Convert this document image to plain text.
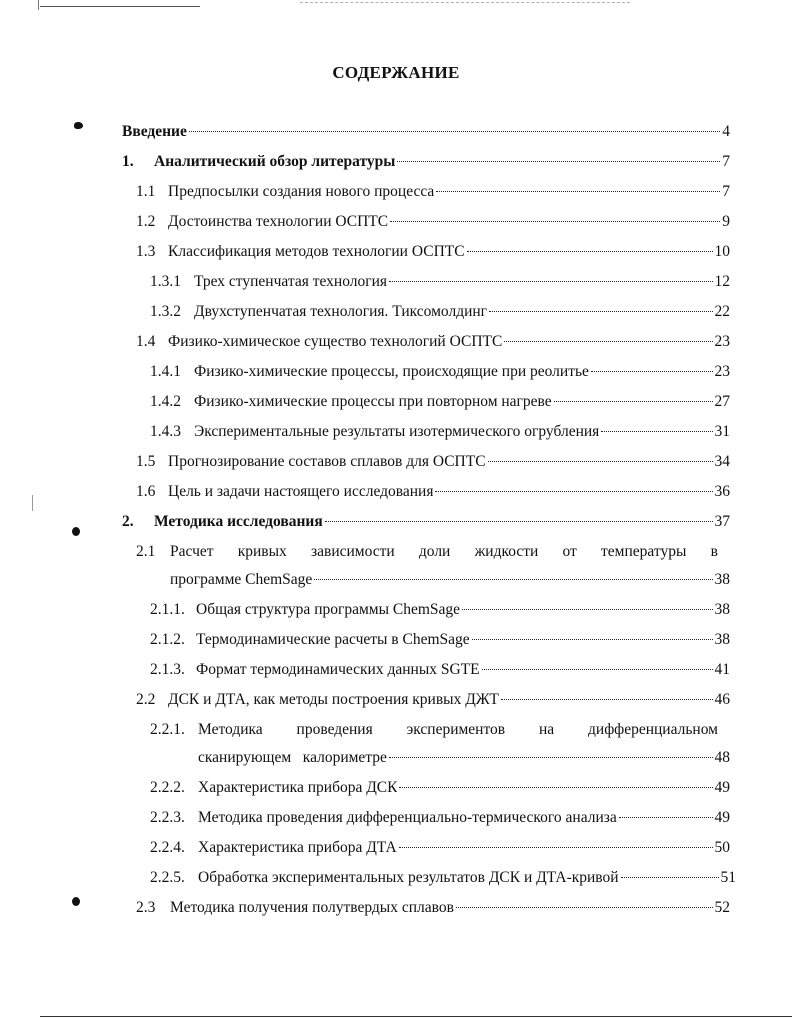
СОДЕРЖАНИЕ
Введение	4
1.	Аналитический обзор литературы	7
1.1 Предпосылки создания нового процесса	7
1.2 Достоинства технологии ОСПТС	9
1.3 Классификация методов технологии ОСПТС	10
1.3.1 Трех ступенчатая технология	12
1.3.2 Двухступенчатая технология. Тиксомолдинг	22
1.4 Физико-химическое существо технологий ОСПТС	23
1.4.1 Физико-химические процессы, происходящие при реолитье	23
1.4.2 Физико-химические процессы при повторном нагреве	27
1.4.3 Экспериментальные результаты изотермического огрубления	31
1.5 Прогнозирование составов сплавов для ОСПТС	34
1.6 Цель и задачи настоящего исследования	36
2.	Методика исследования	37
2.1 Расчет кривых зависимости доли жидкости от температуры в
программе ChemSage	38
2.1.1. Общая структура программы ChemSage	38
2.1.2. Термодинамические расчеты в ChemSage	38
2.1.3. Формат термодинамических данных SGTE	41
2.2 ДСК и ДТА, как методы построения кривых ДЖТ	46
2.2.1. Методика проведения экспериментов на дифференциальном
сканирующем   калориметре	48
2.2.2. Характеристика прибора ДСК	49
2.2.3. Методика проведения дифференциально-термического анализа	49
2.2.4. Характеристика прибора ДТА	50
2.2.5. Обработка экспериментальных результатов ДСК и ДТА-кривой	51
2.3 Методика получения полутвердых сплавов	52
